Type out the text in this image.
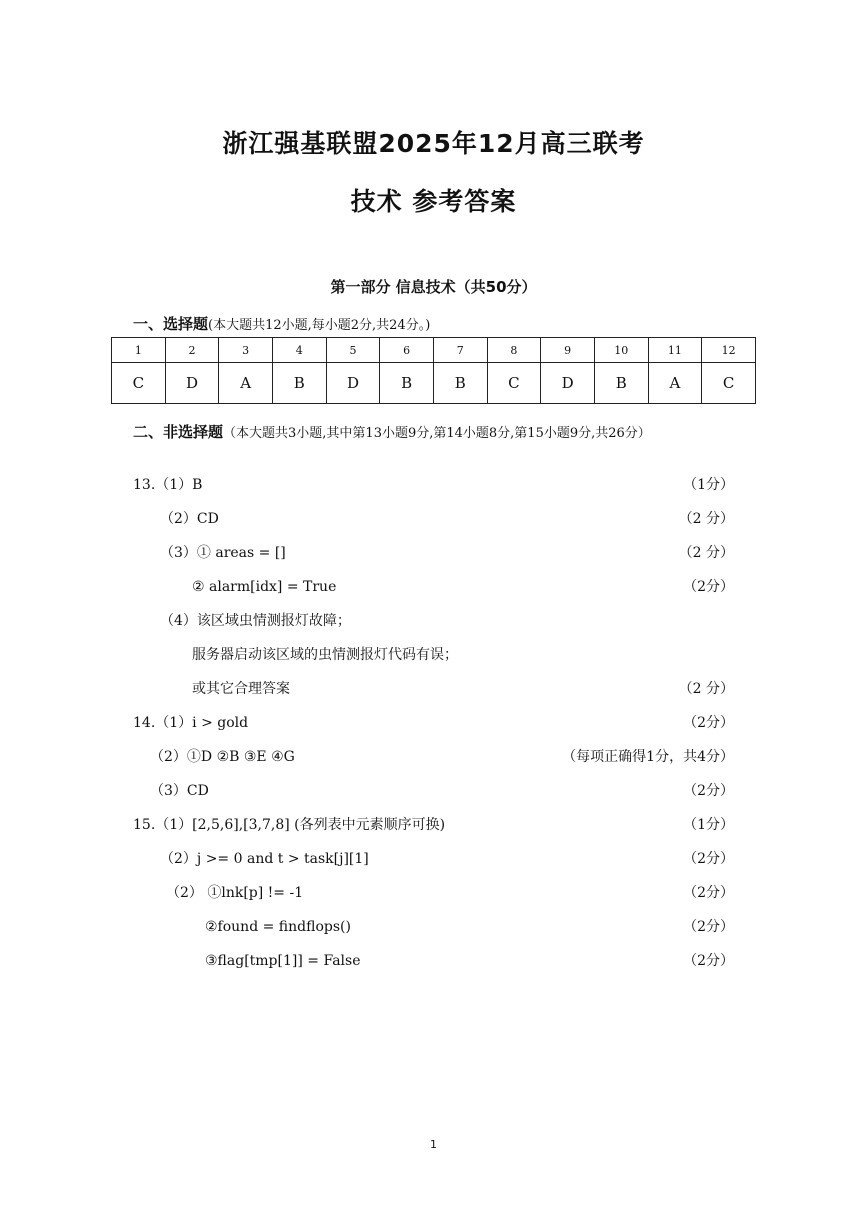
浙江强基联盟2025年12月高三联考
技术 参考答案
第一部分 信息技术（共50分）
一、选择题(本大题共12小题,每小题2分,共24分。)
1	2	3	4	5	6	7	8	9	10	11	12
C	D	A	B	D	B	B	C	D	B	A	C
二、非选择题（本大题共3小题,其中第13小题9分,第14小题8分,第15小题9分,共26分）
13.（1）B	（1分）
（2）CD	（2 分）
（3）① areas = []	（2 分）
② alarm[idx] = True	（2分）
（4）该区域虫情测报灯故障；
服务器启动该区域的虫情测报灯代码有误；
或其它合理答案	（2 分）
14.（1）i > gold	（2分）
（2）①D ②B ③E ④G	（每项正确得1分，共4分）
（3）CD	（2分）
15.（1）[2,5,6],[3,7,8] (各列表中元素顺序可换)	（1分）
（2）j >= 0 and t > task[j][1]	（2分）
（2） ①lnk[p] != -1	（2分）
②found = findflops()	（2分）
③flag[tmp[1]] = False	（2分）
1
